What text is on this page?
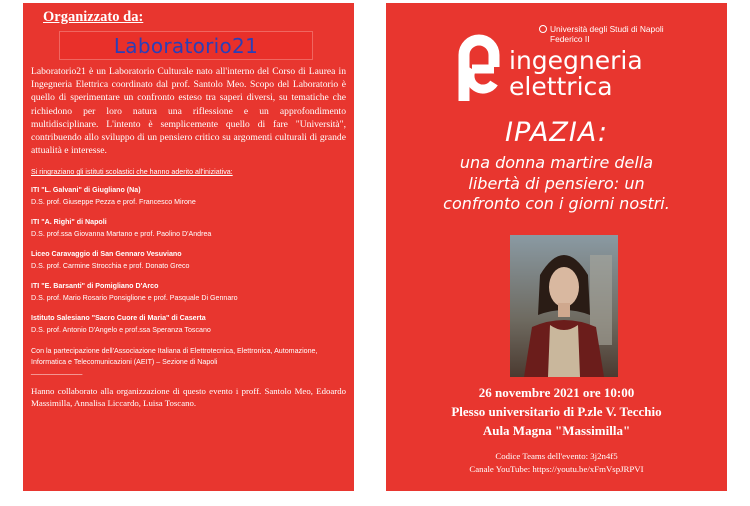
Organizzato da:
Laboratorio21
Laboratorio21 è un Laboratorio Culturale nato all'interno del Corso di Laurea in Ingegneria Elettrica coordinato dal prof. Santolo Meo. Scopo del Laboratorio è quello di sperimentare un confronto esteso tra saperi diversi, su tematiche che richiedono per loro natura una riflessione e un approfondimento multidisciplinare. L'intento è semplicemente quello di fare "Università", contribuendo allo sviluppo di un pensiero critico su argomenti culturali di grande attualità e interesse.
Si ringraziano gli istituti scolastici che hanno aderito all'iniziativa:
ITI "L. Galvani" di Giugliano (Na)
D.S. prof. Giuseppe Pezza e prof. Francesco Mirone
ITI "A. Righi" di Napoli
D.S. prof.ssa Giovanna Martano e prof. Paolino D'Andrea
Liceo Caravaggio di San Gennaro Vesuviano
D.S. prof. Carmine Strocchia e prof. Donato Greco
ITI "E. Barsanti" di Pomigliano D'Arco
D.S. prof. Mario Rosario Ponsiglione e prof. Pasquale Di Gennaro
Istituto Salesiano "Sacro Cuore di Maria" di Caserta
D.S. prof. Antonio D'Angelo e prof.ssa Speranza Toscano
Con la partecipazione dell'Associazione Italiana di Elettrotecnica, Elettronica, Automazione, Informatica e Telecomunicazioni (AEIT) – Sezione di Napoli
_____________
Hanno collaborato alla organizzazione di questo evento i proff. Santolo Meo, Edoardo Massimilla, Annalisa Liccardo, Luisa Toscano.
Università degli Studi di Napoli
Federico II
ingegneria
elettrica
IPAZIA:
una donna martire della
libertà di pensiero: un
confronto con i giorni nostri.
26 novembre 2021 ore 10:00
Plesso universitario di P.zle V. Tecchio
Aula Magna "Massimilla"
Codice Teams dell'evento: 3j2n4f5
Canale YouTube: https://youtu.be/xFmVspJRPVI
